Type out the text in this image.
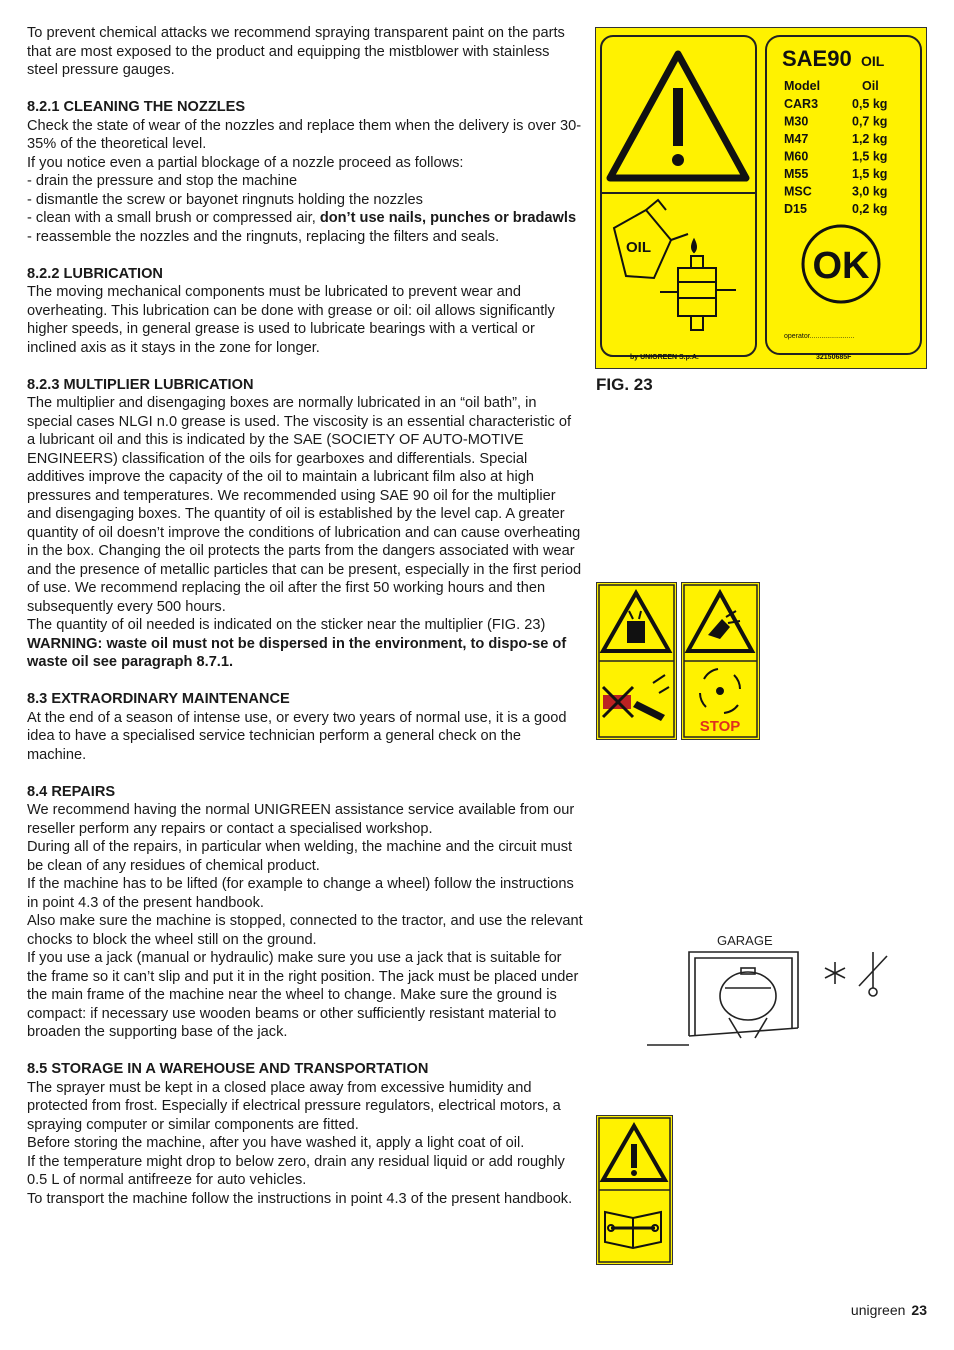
To prevent chemical attacks we recommend spraying transparent paint on the parts that are most exposed to the product and equipping the mistblower with stainless steel pressure gauges.

8.2.1 CLEANING THE NOZZLES

Check the state of wear of the nozzles and replace them when the delivery is over 30-35% of the theoretical level.

If you notice even a partial blockage of a nozzle proceed as follows:

- drain the pressure and stop the machine

- dismantle the screw or bayonet ringnuts holding the nozzles

- clean with a small brush or compressed air, don’t use nails, punches or bradawls

- reassemble the nozzles and the ringnuts, replacing the filters and seals.

8.2.2 LUBRICATION

The moving mechanical components must be lubricated to prevent wear and overheating. This lubrication can be done with grease or oil: oil allows significantly higher speeds, in general grease is used to lubricate bearings with a vertical or inclined axis as it stays in the zone for longer.

8.2.3 MULTIPLIER LUBRICATION

The multiplier and disengaging boxes are normally lubricated in an “oil bath”, in special cases NLGI n.0 grease is used. The viscosity is an essential characteristic of a lubricant oil and this is indicated by the SAE (SOCIETY OF AUTO-MOTIVE ENGINEERS) classification of the oils for gearboxes and differentials. Special additives improve the capacity of the oil to maintain a lubricant film also at high pressures and temperatures. We recommended using SAE 90 oil for the multiplier and disengaging boxes. The quantity of oil is established by the level cap. A greater quantity of oil doesn’t improve the conditions of lubrication and can cause overheating in the box. Changing the oil protects the parts from the dangers associated with wear and the presence of metallic particles that can be present, especially in the first period of use. We recommend replacing the oil after the first 50 working hours and then subsequently every 500 hours.

The quantity of oil needed is indicated on the sticker near the multiplier (FIG. 23)

WARNING: waste oil must not be dispersed in the environment, to dispo-se of waste oil see paragraph 8.7.1.

8.3 EXTRAORDINARY MAINTENANCE

At the end of a season of intense use, or every two years of normal use, it is a good idea to have a specialised service technician perform a general check on the machine.

8.4 REPAIRS

We recommend having the normal UNIGREEN assistance service available from our reseller perform any repairs or contact a specialised workshop.

During all of the repairs, in particular when welding, the machine and the circuit must be clean of any residues of chemical product.

If the machine has to be lifted (for example to change a wheel) follow the instructions in point 4.3 of the present handbook.

Also make sure the machine is stopped, connected to the tractor, and use the relevant chocks to block the wheel still on the ground.

If you use a jack (manual or hydraulic) make sure you use a jack that is suitable for the frame so it can’t slip and put it in the right position. The jack must be placed under the main frame of the machine near the wheel to change. Make sure the ground is compact: if necessary use wooden beams or other sufficiently resistant material to broaden the supporting base of the jack.

8.5 STORAGE IN A WAREHOUSE AND TRANSPORTATION

The sprayer must be kept in a closed place away from excessive humidity and protected from frost. Especially if electrical pressure regulators, electrical motors, a spraying computer or similar components are fitted.

Before storing the machine, after you have washed it, apply a light coat of oil.

If the temperature might drop to below zero, drain any residual liquid or add roughly 0.5 L of normal antifreeze for auto vehicles.

To transport the machine follow the instructions in point 4.3 of the present handbook.

OIL
SAE90 OIL
Model	Oil
CAR3	0,5 kg
M30	0,7 kg
M47	1,2 kg
M60	1,5 kg
M55	1,5 kg
MSC	3,0 kg
D15	0,2 kg
OK
operator.......................
by UNIGREEN S.p.A.	32150685F
FIG. 23
STOP
GARAGE
unigreen 23
